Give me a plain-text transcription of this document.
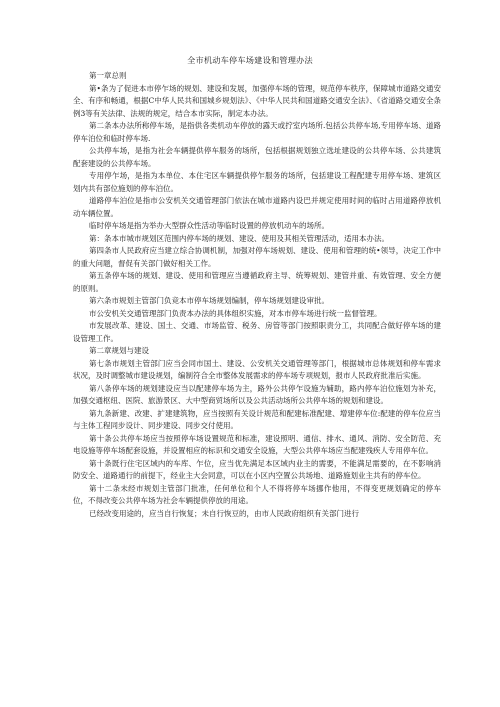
全市机动车停车场建设和管理办法

第一章总则

第•条为了促进本市停乍场的规划、建设和发展，加强停车场的管理，规范停车秩序，保障城市道路交通安全、有序和畅通，根据C中华人民共和国城乡规划法》、《中华人民共和国道路交通安全法》、《省道路交通安全条例3等有关法律、法规的规定，结合本市实际，制定本办法。

第二条本办法所称停车场，是指供各类机动车停放的露天或拧室内场所.包括公共停车场,专用停车场、道路停车泊位和临时停车场.

公共停车场，是指为社会车辆提供停车服务的场所，包括根据规划独立选址建设的公共停车场、公共建筑配套建设的公共停车场。

专用停乍场，是指为本单位、本住宅区车辆提供停乍服务的场所，包括建设工程配建专用停车场、建筑区划内共有部位施划的停车泊位。

道路停车泊位是指市公安机关交通管理部门依法在城市道路内设巴并规定使用时间的临时占用道路停放机动车辆位置。

临时停车场是指为举办大型群众性活动等临时设置的停放机动车的场所。

第：条本市城市规划区范围内停车场的规划、建设、使用及其相关管理活动，适用本办法。

第四条市人民政府应当建立综合协调机制，加强对停车场规划、建设、使用和管理的统•领导，决定工作中的重大问题，督促有关部门做好相关工作。

第五条停车场的规划、建设、使用和管理应当遵循政府主导、统筹规划、建管并重、有效管理、安全方便的原则。

第六条市规划主管部门负竞本市停车场规划编制，停车场规划建设审批。

市公安机关交通管理部门负责本办法的具体组织实施，对本市停车场进行统一监督管理。

市发展改革、建设、国土、交通、市场监管、税务、房管等部门按照职责分工，共同配合做好停车场的建设管理工作。

第二章规划与建设

第七条市规划主管部门应当会同市国土、建设、公安机关交通管理等部门，根据城市总体规划和停车需求状况，及时调整城市建设规划，编制符合全市整体发展需求的停车场专项规划，报市人民政府批准后实施。

第八条停车场的规划建设应当以配建停车场为主，路外公共停乍设施为辅助，路内停车泊位施划为补充，加强交通枢纽、医院、旅游景区、大中型商贸场所以及公共活动场所公共停车场的规划和建设。

第九条新建、改建、扩建建筑物，应当按照有关设计规范和配建标准配建、增建停车位:配建的停车位应当与主体工程同步设计、同步建设、同步交付使用。

第十条公共停车场应当按照停车场设置规范和标准，建设照明、通信、排水、通风、消防、安全防范、充电设施等停车场配套设施，并设置相应的标识和交通安全设施，大型公共停车场应当配建残疾人专用停车位。

第十条既行住宅区域内的车库、乍位，应当优先满足本区域内业主的需要，不能满足需要的，在不影响消防安全、道路通行的前提下，经业主大会同意，可以在小区内空置公共场地、道路施划业主共有的停车位。

第十二条未经市规划主管部门批准，任何单位和个人不得将停车场挪作他用，不得变更规划确定的停车位，不得改变公共停车场为社会车辆提供停放的用途。

已经改变用途的，应当自行恢复；未自行恢豆的，由市人民政府组织有关部门进行
